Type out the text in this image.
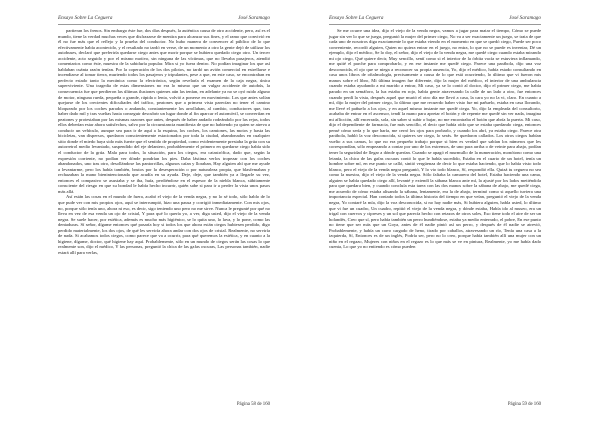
Ensayo Sobre La Ceguera	José Saramago

partieran los frenos. Sin embargo éste fue, dos días después, la auténtica causa de otro accidente, pero, así es el mundo, tiene la verdad muchas veces que disfrazarse de mentira para alcanzar sus fines, y el ramo que convivió en él no fue más que el reflejo y la prueba del conductor. No hubo manera de convencer al público de lo que efectivamente había acontecido, y el resultado no tardó en verse, de un momento a otro la gente dejó de utilizar los autobuses, declaró que preferiría quedarse ciego antes que morir porque se hubiera quedado ciego otro. Un tercer accidente, acto seguido y por el mismo motivo, sin ninguna de las víctimas, que no llevaba pasajeros, atendió comentarios como éste, muestra de la sabiduría popular. Mira si yo fuera dentro. No podían imaginar los que así hablaban cuánta razón tenían. Por la coperación de los dos pilotos, no tardó un avión comercial en estrellarse e incendiarse al tomar tierra, muriendo todos los pasajeros y tripulantes, pese a que, en este caso, se encontraban en perfecto estado tanto la mecánica como la electrónica, según revelaría el examen de la caja negra, única superviviente. Una tragedia de estas dimensiones no era lo mismo que un vulgar accidente de autobús, la consecuencia fue que perdieron las últimas ilusiones quienes aún las tenían, en adelante ya no se oyó ruido alguno de motor, ninguna rueda, pequeña o grande, rápida o lenta, volvió a ponerse en movimiento. Los que antes solían quejarse de los crecientes dificultades del tráfico, peatones que a primera vista parecían no tener el camino bloqueado por los coches parados o andando, constantemente los arrollaban, al cambio, conductores que, tras haber dado mil y tras vueltas hasta conseguir descubrir un lugar donde al fin aparcar el automóvil, se convertían en peatones y protestaban por las mismas razones que antes, después de haber andado rodeándolo por las rejas, todos ellos deberían estar ahora satisfechos, salvo por la circunstancia manifiesta de que no habiendo ya quien se atreva a conducir un vehículo, aunque sea para ir de aquí a la esquina, los coches, los camiones, las motos y hasta las bicicletas, van dispersos, quedaron conscientemente estacionados por toda la ciudad, abandonados en cualquier sitio donde el miedo haya sido más fuerte que el sentido de propiedad, como evidentemente prestaba la grúa con su autorretrol medio levantado, suspendido del eje delantero, probablemente el primero en quedarse ciego había sido el conductor de la grúa. Mala para todos, la situación, para los ciegos, era catastrófica, dado que, según la expresión corriente, no podían ver dónde pondrían los pies. Daba lástima verlos tropezar con los coches abandonados, uno tras otro, desollándose las pantorrillas, algunos caían y lloraban, Hay alguien ahí que me ayude a levantarme, pero los había también, brutos por la desesperación o por naturaleza propia, que blasfemaban y rechazaban la mano bienintencionada que acudía en su ayuda. Deje, deje, que también ya a llegarle su vez, entonces el compasivo se asustaba y se iba, huía, perdiéndose en el espesor de la niebla blanca, súbitamente consciente del riesgo en que su bondad le había hecho incurrir, quién sabe si para ir a perder la vista unos pasos más allá.

Así están las cosas en el mundo de fuera, acabó el viejo de la venda negra, y no lo sé todo, sólo hablo de lo que pude ver con mis propios ojos, aquí se interrumpió, hizo una pausa y corrigió inmediatamente. Con mis ojos, no, porque sólo tenía uno, ahora ni eso, es decir, sigo teniendo uno pero no me sirve. Nunca le pregunté por qué no lleva en vez de esa venda un ojo de cristal, Y para qué lo quería yo, a ver, diga usted, dijo el viejo de la venda negra. Se suele hacer, por estética, además es mucho más higiénico, se lo quita uno, lo lava, y lo pone, como las dentaduras. Sí señor, dígame entonces qué pasaría hoy si todos los que ahora están ciegos hubiesen perdido, digo perdido materialmente, los dos ojos, de qué les serviría ahora andar con dos ojos de cristal. Realmente, no serviría de nada. Si acabamos todos ciegos, como parece que va a ocurrir, para qué queremos la estética, y en cuanto a la higiene, dígame, doctor, qué higiene hay aquí. Probablemente, sólo en un mundo de ciegos serán las cosas lo que realmente son, dijo el médico, Y las personas, preguntó la chica de las gafas oscuras, Las personas también, nadie estará allí para verlas,

Página 58 de 160
Ensayo Sobre La Ceguera	José Saramago

Se me ocurre una idea, dijo el viejo de la venda negra, vamos a jugar para matar el tiempo, Cómo se puede jugar sin ver lo que se juega, preguntó la mujer del primer ciego, No va a ser exactamente un juego, se trata de que cada uno de nosotros diga exactamente lo que estaba viendo en el momento en que se quedó ciego, Puede ser poco conveniente, recordó alguien, Quien no quiera entrar en el juego, no entra, lo que no se puede es inventar, Dé un ejemplo, dijo el médico, Se lo doy, el señor, dijo el viejo de la venda negra, me quedé ciego cuando estaba mirando mi ojo ciego, Qué quiere decir, Muy sencillo, sentí como si el interior de la órbita vacía se estuviera inflamando, me quité el parche para comprobarlo, y en ese instante me quedé ciego. Parece una parábola, dijo una voz desconocida, el ojo que se niega a reconocer su propia ausencia, Yo, dijo el médico, había estado consultando en casa unos libros de oftalmología, precisamente a causa de lo que está ocurriendo, lo último que vi fueron mis manos sobre el libro, Mi última imagen fue diferente, dijo la mujer del médico, el interior de una ambulancia cuando estaba ayudando a mi marido a entrar, Mi caso, ya se lo contó al doctor, dijo el primer ciego, me había parado en un semáforo, la luz estaba en rojo, había gente atravesando la calle de un lado a otro, fue entonces cuando perdí la vista, después aquel que murió el otro día me llevó a casa, la cara yo no la vi, claro. En cuanto a mí, dijo la mujer del primer ciego, lo último que me recuerdo haber visto fue mi pañuelo, estaba en casa llorando, me llevé el pañuelo a los ojos, y en aquel mismo instante me quedé ciega. Yo, dijo la empleada del consultorio, acababa de entrar en el ascensor, tendí la mano para apretar el botón y de repente me quedé sin ver nada, imagina mi aflicción, allí encerrada, sola, sin saber si subir o bajar, no me encontraba el botón que abría la puerta. Mi caso, dijo el dependiente de farmacia, fue más sencillo, el decir que había oído que se estaba quedando ciega, entonces pensé cómo sería y lo que haría, me cerró los ojos para probarlo, y cuando los abrí, ya estaba ciego. Parece otra parábola, habló la voz desconocida, si quieres ser ciego, lo serás. Se quedaron callados. Los otros ciegos habían vuelto a sus camas, lo que no era pequeño trabajo porque si bien es verdad que sabían los números que les correspondían, sólo empezando a contar por uno de los extremos, de uno para arriba o de veinte para abajo, podían tener la seguridad de llegar a dónde querían. Cuando se apagó el murmullo de la numeración, monótono como una letanía, la chica de las gafas oscuras contó lo que le había sucedido, Estaba en el cuarto de un hotel, tenía un hombre sobre mí, en ese punto se calló, sintió vergüenza de decir lo que estaba haciendo, que lo había visto todo blanco, pero el viejo de la venda negra preguntó, Y lo vio todo blanco, Sí, respondió ella. Quizá tu ceguera no sea como la nuestra, dijo el viejo de la venda negra. Sólo faltaba la camarera del hotel, Estaba haciendo una cama, alguien se había quedado ciego allí, levanté y extendí la sábana blanca ante mí, la ajusté por los lados metiéndola para que quedara bien, y cuando concluía esta tarea con las dos manos sobre la sábana de abajo, me quedé ciega, me acuerdo de cómo estaba alisando la sábana, lentamente, era la de abajo, terminó como si aquello tuviera una importancia especial. Han contado todos la última historia del tiempo en que veían, preguntó el viejo de la venda negra, Yo contaré la mía, dijo la voz desconocida, si no hay nadie más, Si hubiera alguien, habla usted, lo último que vi fue un cuadro, Un cuadro, repitió el viejo de la venda negra, y dónde estaba, Había ido al museo, era un trigal con cuervos y cipreses y un sol que parecía hecho con retazos de otros soles, Eso tiene todo el aire de ser un holandés, Creo que sí, pero había también un perro hundiéndose, estaba ya medio enterrado, el pobre, En ese punto no tiene que ser más que un Goya, antes de él nadie pintó así un perro, y después de él nadie se atrevió, Probablemente, y había un carro cargado de heno, tirado por caballos, atravesando un río, Tenía una casa a la izquierda, Sí, Entonces es de un inglés, Podría ser, pero no lo creo, porque había también allí una mujer con un niño en el regazo, Mujeres con niños en el regazo es lo que más se ve en pintura, Realmente, yo me había dado cuenta, Lo que yo no entiendo es cómo pueden

Página 59 de 160
